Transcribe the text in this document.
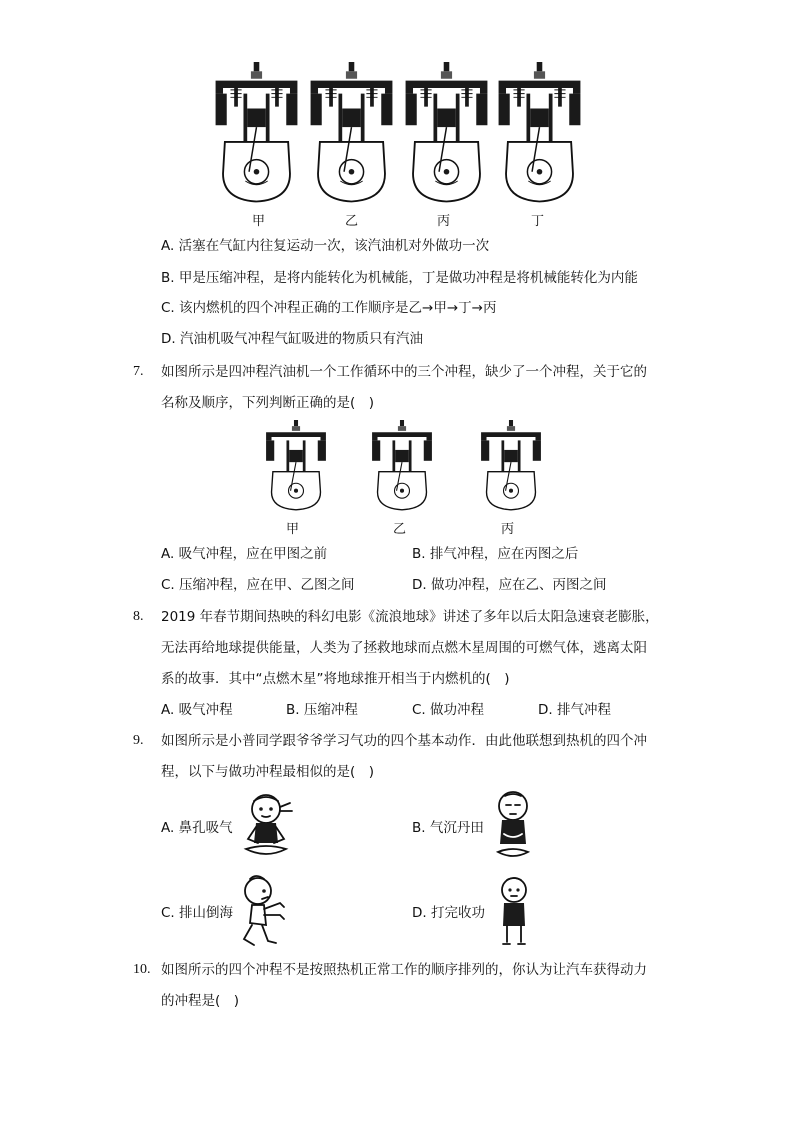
甲	乙	丙	丁
A. 活塞在气缸内往复运动一次，该汽油机对外做功一次
B. 甲是压缩冲程，是将内能转化为机械能，丁是做功冲程是将机械能转化为内能
C. 该内燃机的四个冲程正确的工作顺序是乙→甲→丁→丙
D. 汽油机吸气冲程气缸吸进的物质只有汽油
7. 如图所示是四冲程汽油机一个工作循环中的三个冲程，缺少了一个冲程，关于它的
名称及顺序，下列判断正确的是(　)
甲	乙	丙
A. 吸气冲程，应在甲图之前	B. 排气冲程，应在丙图之后
C. 压缩冲程，应在甲、乙图之间	D. 做功冲程，应在乙、丙图之间
8. 2019 年春节期间热映的科幻电影《流浪地球》讲述了多年以后太阳急速衰老膨胀，
无法再给地球提供能量，人类为了拯救地球而点燃木星周围的可燃气体，逃离太阳
系的故事．其中“点燃木星”将地球推开相当于内燃机的(　)
A. 吸气冲程	B. 压缩冲程	C. 做功冲程	D. 排气冲程
9. 如图所示是小普同学跟爷爷学习气功的四个基本动作．由此他联想到热机的四个冲
程，以下与做功冲程最相似的是(　)
A. 鼻孔吸气	B. 气沉丹田
C. 排山倒海	D. 打完收功
10. 如图所示的四个冲程不是按照热机正常工作的顺序排列的，你认为让汽车获得动力
的冲程是(　)
